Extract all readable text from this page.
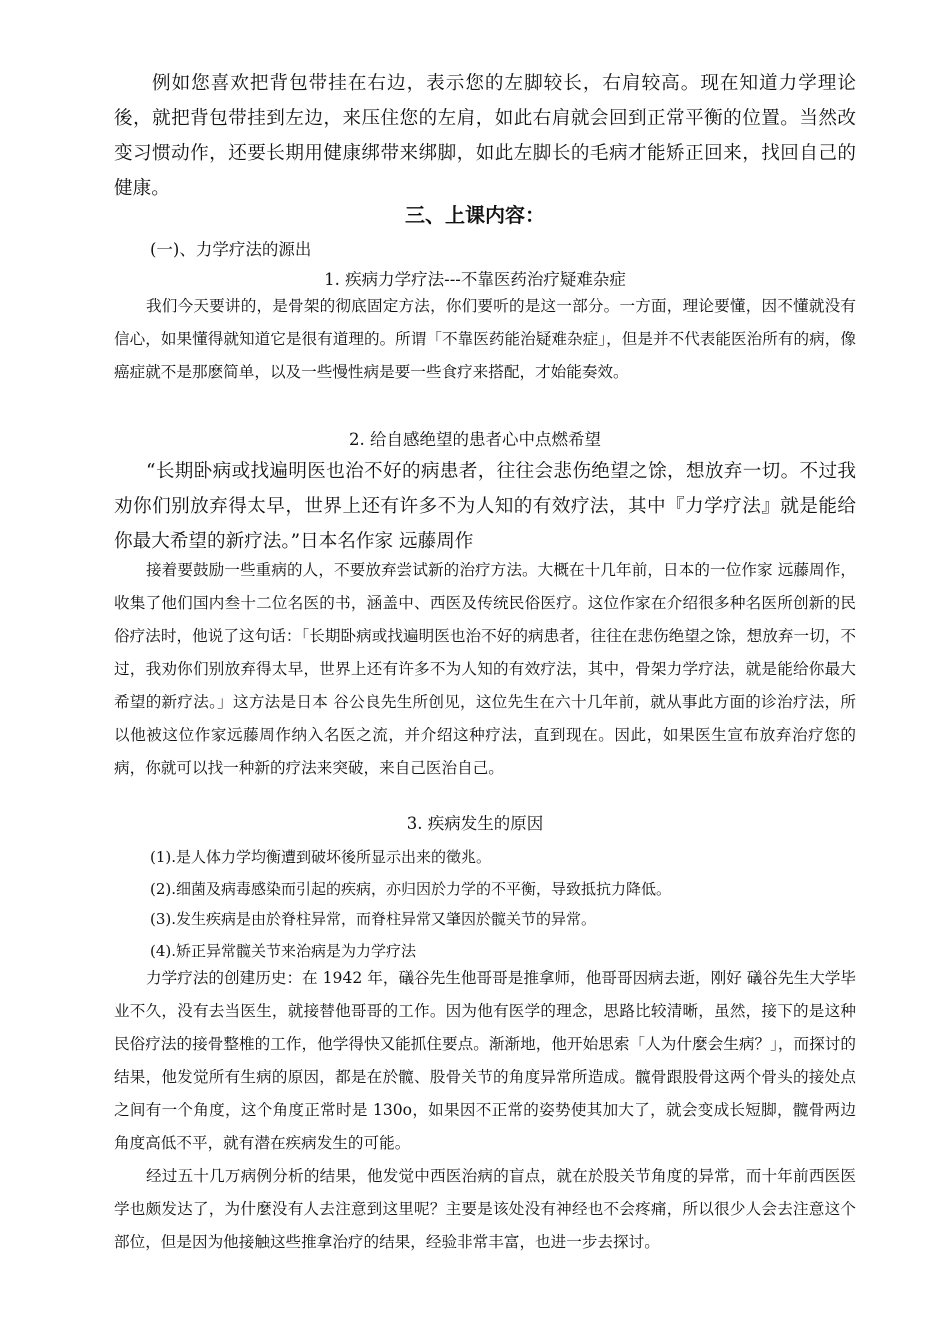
例如您喜欢把背包带挂在右边，表示您的左脚较长，右肩较高。现在知道力学理论後，就把背包带挂到左边，来压住您的左肩，如此右肩就会回到正常平衡的位置。当然改变习惯动作，还要长期用健康绑带来绑脚，如此左脚长的毛病才能矫正回来，找回自己的健康。

三、上课内容：

(一)、力学疗法的源出

1. 疾病力学疗法---不靠医药治疗疑难杂症

我们今天要讲的，是骨架的彻底固定方法，你们要听的是这一部分。一方面，理论要懂，因不懂就没有信心，如果懂得就知道它是很有道理的。所谓「不靠医药能治疑难杂症」，但是并不代表能医治所有的病，像癌症就不是那麽简单，以及一些慢性病是要一些食疗来搭配，才始能奏效。

2. 给自感绝望的患者心中点燃希望

“长期卧病或找遍明医也治不好的病患者，往往会悲伤绝望之馀，想放弃一切。不过我劝你们别放弃得太早，世界上还有许多不为人知的有效疗法，其中『力学疗法』就是能给你最大希望的新疗法。”日本名作家 远藤周作

接着要鼓励一些重病的人，不要放弃尝试新的治疗方法。大概在十几年前，日本的一位作家 远藤周作，收集了他们国内叁十二位名医的书，涵盖中、西医及传统民俗医疗。这位作家在介绍很多种名医所创新的民俗疗法时，他说了这句话：「长期卧病或找遍明医也治不好的病患者，往往在悲伤绝望之馀，想放弃一切，不过，我劝你们别放弃得太早，世界上还有许多不为人知的有效疗法，其中，骨架力学疗法，就是能给你最大希望的新疗法。」这方法是日本 谷公良先生所创见，这位先生在六十几年前，就从事此方面的诊治疗法，所以他被这位作家远藤周作纳入名医之流，并介绍这种疗法，直到现在。因此，如果医生宣布放弃治疗您的病，你就可以找一种新的疗法来突破，来自己医治自己。

3. 疾病发生的原因

(1).是人体力学均衡遭到破坏後所显示出来的徵兆。

(2).细菌及病毒感染而引起的疾病，亦归因於力学的不平衡，导致抵抗力降低。

(3).发生疾病是由於脊柱异常，而脊柱异常又肇因於髋关节的异常。

(4).矫正异常髋关节来治病是为力学疗法

力学疗法的创建历史：在 1942 年，礒谷先生他哥哥是推拿师，他哥哥因病去逝，刚好 礒谷先生大学毕业不久，没有去当医生，就接替他哥哥的工作。因为他有医学的理念，思路比较清晰，虽然，接下的是这种民俗疗法的接骨整椎的工作，他学得快又能抓住要点。渐渐地，他开始思索「人为什麼会生病？」，而探讨的结果，他发觉所有生病的原因，都是在於髋、股骨关节的角度异常所造成。髋骨跟股骨这两个骨头的接处点之间有一个角度，这个角度正常时是 130o，如果因不正常的姿势使其加大了，就会变成长短脚，髋骨两边角度高低不平，就有潜在疾病发生的可能。

经过五十几万病例分析的结果，他发觉中西医治病的盲点，就在於股关节角度的异常，而十年前西医医学也颇发达了，为什麼没有人去注意到这里呢？主要是该处没有神经也不会疼痛，所以很少人会去注意这个部位，但是因为他接触这些推拿治疗的结果，经验非常丰富，也进一步去探讨。
